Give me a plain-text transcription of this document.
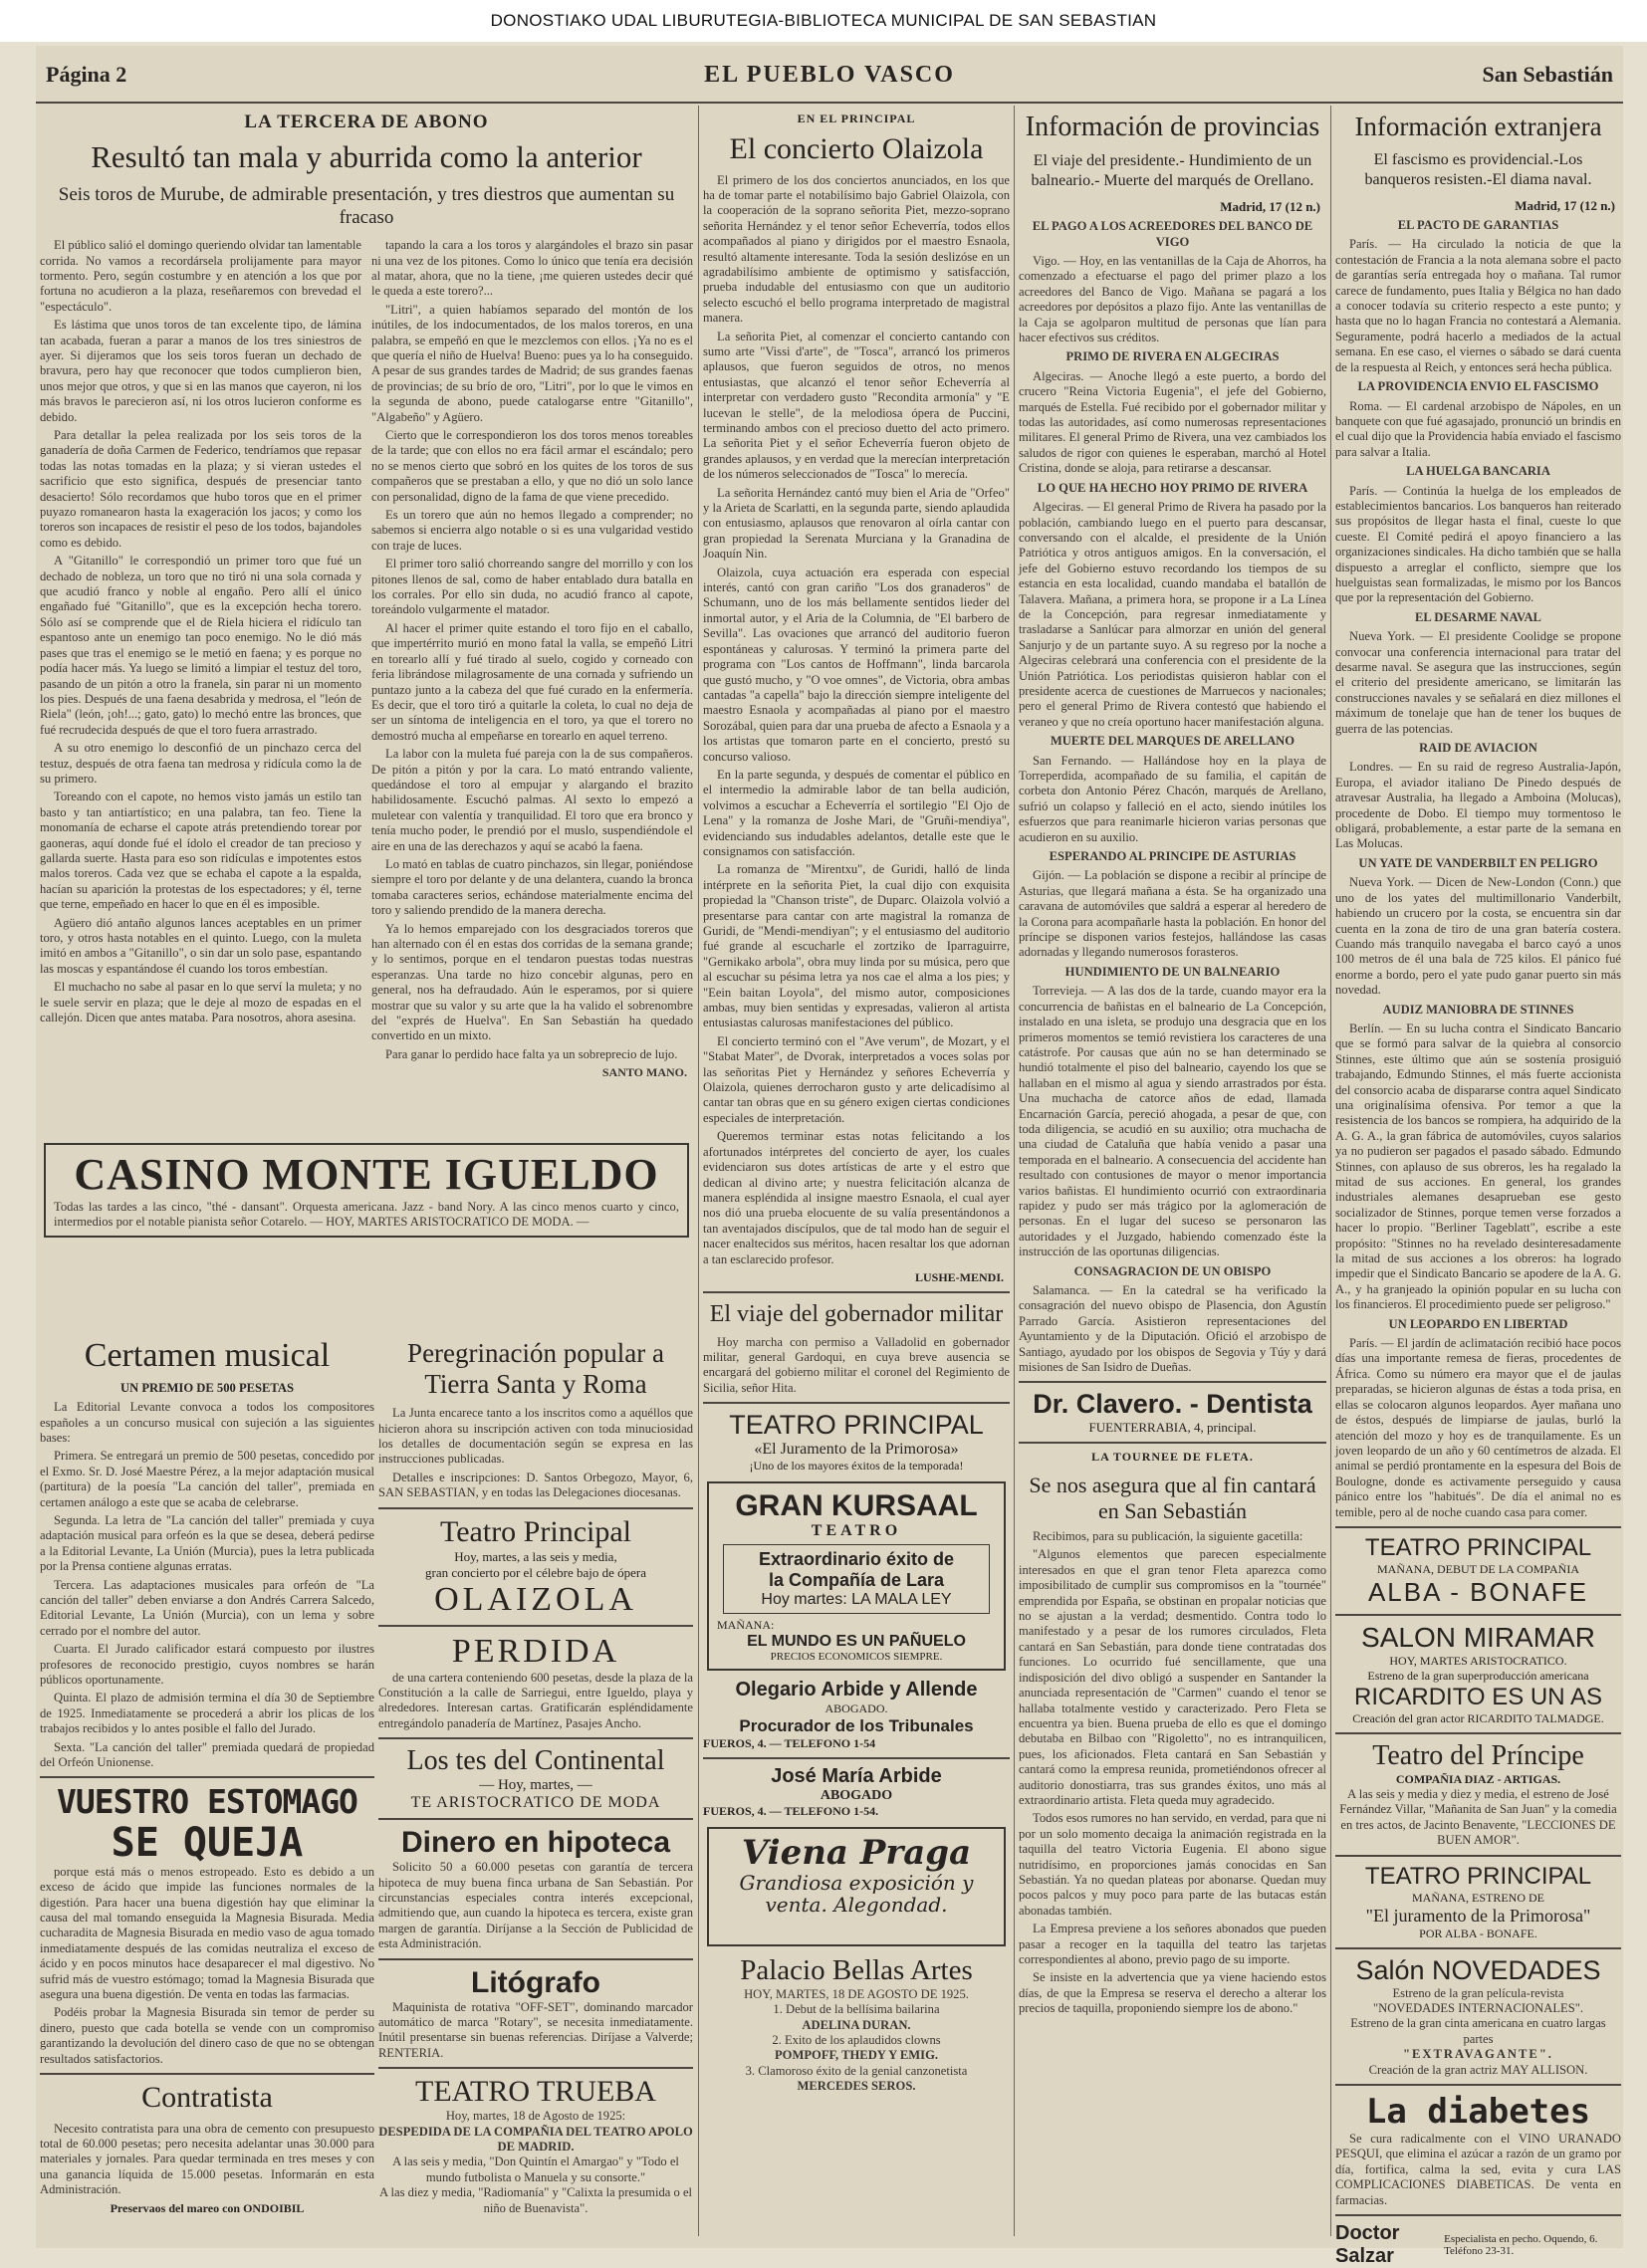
DONOSTIAKO UDAL LIBURUTEGIA-BIBLIOTECA MUNICIPAL DE SAN SEBASTIAN
Página 2	EL PUEBLO VASCO	San Sebastián
LA TERCERA DE ABONO
Resultó tan mala y aburrida como la anterior
Seis toros de Murube, de admirable presentación, y tres diestros que aumentan su fracaso

El público salió el domingo queriendo olvidar tan lamentable corrida. No vamos a recordársela prolijamente para mayor tormento. Pero, según costumbre y en atención a los que por fortuna no acudieron a la plaza, reseñaremos con brevedad el "espectáculo".

Es lástima que unos toros de tan excelente tipo, de lámina tan acabada, fueran a parar a manos de los tres siniestros de ayer. Si dijeramos que los seis toros fueran un dechado de bravura, pero hay que reconocer que todos cumplieron bien, unos mejor que otros, y que si en las manos que cayeron, ni los más bravos le parecieron así, ni los otros lucieron conforme es debido.

Para detallar la pelea realizada por los seis toros de la ganadería de doña Carmen de Federico, tendríamos que repasar todas las notas tomadas en la plaza; y si vieran ustedes el sacrificio que esto significa, después de presenciar tanto desacierto! Sólo recordamos que hubo toros que en el primer puyazo romanearon hasta la exageración los jacos; y como los toreros son incapaces de resistir el peso de los todos, bajandoles como es debido.

A "Gitanillo" le correspondió un primer toro que fué un dechado de nobleza, un toro que no tiró ni una sola cornada y que acudió franco y noble al engaño. Pero allí el único engañado fué "Gitanillo", que es la excepción hecha torero. Sólo así se comprende que el de Riela hiciera el ridículo tan espantoso ante un enemigo tan poco enemigo. No le dió más pases que tras el enemigo se le metió en faena; y es porque no podía hacer más. Ya luego se limitó a limpiar el testuz del toro, pasando de un pitón a otro la franela, sin parar ni un momento los pies. Después de una faena desabrida y medrosa, el "león de Riela" (león, ¡oh!...; gato, gato) lo mechó entre las bronces, que fué recrudecida después de que el toro fuera arrastrado.

A su otro enemigo lo desconfió de un pinchazo cerca del testuz, después de otra faena tan medrosa y ridícula como la de su primero.

Toreando con el capote, no hemos visto jamás un estilo tan basto y tan antiartístico; en una palabra, tan feo. Tiene la monomanía de echarse el capote atrás pretendiendo torear por gaoneras, aquí donde fué el ídolo el creador de tan precioso y gallarda suerte. Hasta para eso son ridículas e impotentes estos malos toreros. Cada vez que se echaba el capote a la espalda, hacían su aparición la protestas de los espectadores; y él, terne que terne, empeñado en hacer lo que en él es imposible.

Agüero dió antaño algunos lances aceptables en un primer toro, y otros hasta notables en el quinto. Luego, con la muleta imitó en ambos a "Gitanillo", o sin dar un solo pase, espantando las moscas y espantándose él cuando los toros embestían.

El muchacho no sabe al pasar en lo que serví la muleta; y no le suele servir en plaza; que le deje al mozo de espadas en el callejón. Dicen que antes mataba. Para nosotros, ahora asesina.

tapando la cara a los toros y alargándoles el brazo sin pasar ni una vez de los pitones. Como lo único que tenía era decisión al matar, ahora, que no la tiene, ¡me quieren ustedes decir qué le queda a este torero?...

"Litri", a quien habíamos separado del montón de los inútiles, de los indocumentados, de los malos toreros, en una palabra, se empeñó en que le mezclemos con ellos. ¡Ya no es el que quería el niño de Huelva! Bueno: pues ya lo ha conseguido. A pesar de sus grandes tardes de Madrid; de sus grandes faenas de provincias; de su brío de oro, "Litri", por lo que le vimos en la segunda de abono, puede catalogarse entre "Gitanillo", "Algabeño" y Agüero.

Cierto que le correspondieron los dos toros menos toreables de la tarde; que con ellos no era fácil armar el escándalo; pero no se menos cierto que sobró en los quites de los toros de sus compañeros que se prestaban a ello, y que no dió un solo lance con personalidad, digno de la fama de que viene precedido.

Es un torero que aún no hemos llegado a comprender; no sabemos si encierra algo notable o si es una vulgaridad vestido con traje de luces.

El primer toro salió chorreando sangre del morrillo y con los pitones llenos de sal, como de haber entablado dura batalla en los corrales. Por ello sin duda, no acudió franco al capote, toreándolo vulgarmente el matador.

Al hacer el primer quite estando el toro fijo en el caballo, que impertérrito murió en mono fatal la valla, se empeñó Litri en torearlo allí y fué tirado al suelo, cogido y corneado con feria librándose milagrosamente de una cornada y sufriendo un puntazo junto a la cabeza del que fué curado en la enfermería. Es decir, que el toro tiró a quitarle la coleta, lo cual no deja de ser un síntoma de inteligencia en el toro, ya que el torero no demostró mucha al empeñarse en torearlo en aquel terreno.

La labor con la muleta fué pareja con la de sus compañeros. De pitón a pitón y por la cara. Lo mató entrando valiente, quedándose el toro al empujar y alargando el brazito habilidosamente. Escuchó palmas. Al sexto lo empezó a muletear con valentía y tranquilidad. El toro que era bronco y tenía mucho poder, le prendió por el muslo, suspendiéndole el aire en una de las derechazos y aquí se acabó la faena.

Lo mató en tablas de cuatro pinchazos, sin llegar, poniéndose siempre el toro por delante y de una delantera, cuando la bronca tomaba caracteres serios, echándose materialmente encima del toro y saliendo prendido de la manera derecha.

Ya lo hemos emparejado con los desgraciados toreros que han alternado con él en estas dos corridas de la semana grande; y lo sentimos, porque en el tendaron puestas todas nuestras esperanzas. Una tarde no hizo concebir algunas, pero en general, nos ha defraudado. Aún le esperamos, por si quiere mostrar que su valor y su arte que la ha valido el sobrenombre del "exprés de Huelva". En San Sebastián ha quedado convertido en un mixto.

Para ganar lo perdido hace falta ya un sobreprecio de lujo.

SANTO MANO.
CASINO MONTE IGUELDO
Todas las tardes a las cinco, "thé - dansant". Orquesta americana. Jazz - band Nory. A las cinco menos cuarto y cinco, intermedios por el notable pianista señor Cotarelo. — HOY, MARTES ARISTOCRATICO DE MODA. —
Certamen musical
UN PREMIO DE 500 PESETAS

La Editorial Levante convoca a todos los compositores españoles a un concurso musical con sujeción a las siguientes bases:

Primera. Se entregará un premio de 500 pesetas, concedido por el Exmo. Sr. D. José Maestre Pérez, a la mejor adaptación musical (partitura) de la poesía "La canción del taller", premiada en certamen análogo a este que se acaba de celebrarse.

Segunda. La letra de "La canción del taller" premiada y cuya adaptación musical para orfeón es la que se desea, deberá pedirse a la Editorial Levante, La Unión (Murcia), pues la letra publicada por la Prensa contiene algunas erratas.

Tercera. Las adaptaciones musicales para orfeón de "La canción del taller" deben enviarse a don Andrés Carrera Salcedo, Editorial Levante, La Unión (Murcia), con un lema y sobre cerrado por el nombre del autor.

Cuarta. El Jurado calificador estará compuesto por ilustres profesores de reconocido prestigio, cuyos nombres se harán públicos oportunamente.

Quinta. El plazo de admisión termina el día 30 de Septiembre de 1925. Inmediatamente se procederá a abrir los plicas de los trabajos recibidos y lo antes posible el fallo del Jurado.

Sexta. "La canción del taller" premiada quedará de propiedad del Orfeón Unionense.

VUESTRO ESTOMAGO
SE QUEJA

porque está más o menos estropeado. Esto es debido a un exceso de ácido que impide las funciones normales de la digestión. Para hacer una buena digestión hay que eliminar la causa del mal tomando enseguida la Magnesia Bisurada. Media cucharadita de Magnesia Bisurada en medio vaso de agua tomado inmediatamente después de las comidas neutraliza el exceso de ácido y en pocos minutos hace desaparecer el mal digestivo. No sufrid más de vuestro estómago; tomad la Magnesia Bisurada que asegura una buena digestión. De venta en todas las farmacias.

Podéis probar la Magnesia Bisurada sin temor de perder su dinero, puesto que cada botella se vende con un compromiso garantizando la devolución del dinero caso de que no se obtengan resultados satisfactorios.

Contratista

Necesito contratista para una obra de cemento con presupuesto total de 60.000 pesetas; pero necesita adelantar unas 30.000 para materiales y jornales. Para quedar terminada en tres meses y con una ganancia líquida de 15.000 pesetas. Informarán en esta Administración.

Preservaos del mareo con ONDOIBIL
Peregrinación popular a Tierra Santa y Roma

La Junta encarece tanto a los inscritos como a aquéllos que hicieron ahora su inscripción activen con toda minuciosidad los detalles de documentación según se expresa en las instrucciones publicadas.

Detalles e inscripciones: D. Santos Orbegozo, Mayor, 6, SAN SEBASTIAN, y en todas las Delegaciones diocesanas.

Teatro Principal
Hoy, martes, a las seis y media,
gran concierto por el célebre bajo de ópera
OLAIZOLA
PERDIDA

de una cartera conteniendo 600 pesetas, desde la plaza de la Constitución a la calle de Sarriegui, entre Igueldo, playa y alrededores. Interesan cartas. Gratificarán espléndidamente entregándolo panadería de Martínez, Pasajes Ancho.

Los tes del Continental
— Hoy, martes, —
TE ARISTOCRATICO DE MODA
Dinero en hipoteca

Solicito 50 a 60.000 pesetas con garantía de tercera hipoteca de muy buena finca urbana de San Sebastián. Por circunstancias especiales contra interés excepcional, admitiendo que, aun cuando la hipoteca es tercera, existe gran margen de garantía. Diríjanse a la Sección de Publicidad de esta Administración.

Litógrafo

Maquinista de rotativa "OFF-SET", dominando marcador automático de marca "Rotary", se necesita inmediatamente. Inútil presentarse sin buenas referencias. Diríjase a Valverde; RENTERIA.

TEATRO TRUEBA
Hoy, martes, 18 de Agosto de 1925:
DESPEDIDA DE LA COMPAÑIA DEL TEATRO APOLO DE MADRID.
A las seis y media, "Don Quintín el Amargao" y "Todo el mundo futbolista o Manuela y su consorte."
A las diez y media, "Radiomanía" y "Calixta la presumida o el niño de Buenavista".
EN EL PRINCIPAL
El concierto Olaizola

El primero de los dos conciertos anunciados, en los que ha de tomar parte el notabilísimo bajo Gabriel Olaizola, con la cooperación de la soprano señorita Piet, mezzo-soprano señorita Hernández y el tenor señor Echeverría, todos ellos acompañados al piano y dirigidos por el maestro Esnaola, resultó altamente interesante. Toda la sesión deslizóse en un agradabilísimo ambiente de optimismo y satisfacción, prueba indudable del entusiasmo con que un auditorio selecto escuchó el bello programa interpretado de magistral manera.

La señorita Piet, al comenzar el concierto cantando con sumo arte "Vissi d'arte", de "Tosca", arrancó los primeros aplausos, que fueron seguidos de otros, no menos entusiastas, que alcanzó el tenor señor Echeverría al interpretar con verdadero gusto "Recondita armonía" y "E lucevan le stelle", de la melodiosa ópera de Puccini, terminando ambos con el precioso duetto del acto primero. La señorita Piet y el señor Echeverría fueron objeto de grandes aplausos, y en verdad que la merecían interpretación de los números seleccionados de "Tosca" lo merecía.

La señorita Hernández cantó muy bien el Aria de "Orfeo" y la Arieta de Scarlatti, en la segunda parte, siendo aplaudida con entusiasmo, aplausos que renovaron al oírla cantar con gran propiedad la Serenata Murciana y la Granadina de Joaquín Nin.

Olaizola, cuya actuación era esperada con especial interés, cantó con gran cariño "Los dos granaderos" de Schumann, uno de los más bellamente sentidos lieder del inmortal autor, y el Aria de la Columnia, de "El barbero de Sevilla". Las ovaciones que arrancó del auditorio fueron espontáneas y calurosas. Y terminó la primera parte del programa con "Los cantos de Hoffmann", linda barcarola que gustó mucho, y "O voe omnes", de Victoria, obra ambas cantadas "a capella" bajo la dirección siempre inteligente del maestro Esnaola y acompañadas al piano por el maestro Sorozábal, quien para dar una prueba de afecto a Esnaola y a los artistas que tomaron parte en el concierto, prestó su concurso valioso.

En la parte segunda, y después de comentar el público en el intermedio la admirable labor de tan bella audición, volvimos a escuchar a Echeverría el sortilegio "El Ojo de Lena" y la romanza de Joshe Mari, de "Gruñi-mendiya", evidenciando sus indudables adelantos, detalle este que le consignamos con satisfacción.

La romanza de "Mirentxu", de Guridi, halló de linda intérprete en la señorita Piet, la cual dijo con exquisita propiedad la "Chanson triste", de Duparc. Olaizola volvió a presentarse para cantar con arte magistral la romanza de Guridi, de "Mendi-mendiyan"; y el entusiasmo del auditorio fué grande al escucharle el zortziko de Iparraguirre, "Gernikako arbola", obra muy linda por su música, pero que al escuchar su pésima letra ya nos cae el alma a los pies; y "Eein baitan Loyola", del mismo autor, composiciones ambas, muy bien sentidas y expresadas, valieron al artista entusiastas calurosas manifestaciones del público.

El concierto terminó con el "Ave verum", de Mozart, y el "Stabat Mater", de Dvorak, interpretados a voces solas por las señoritas Piet y Hernández y señores Echeverría y Olaizola, quienes derrocharon gusto y arte delicadísimo al cantar tan obras que en su género exigen ciertas condiciones especiales de interpretación.

Queremos terminar estas notas felicitando a los afortunados intérpretes del concierto de ayer, los cuales evidenciaron sus dotes artísticas de arte y el estro que dedican al divino arte; y nuestra felicitación alcanza de manera espléndida al insigne maestro Esnaola, el cual ayer nos dió una prueba elocuente de su valía presentándonos a tan aventajados discípulos, que de tal modo han de seguir el nacer enaltecidos sus méritos, hacen resaltar los que adornan a tan esclarecido profesor.

LUSHE-MENDI.
El viaje del gobernador militar

Hoy marcha con permiso a Valladolid en gobernador militar, general Gardoqui, en cuya breve ausencia se encargará del gobierno militar el coronel del Regimiento de Sicilia, señor Hita.

TEATRO PRINCIPAL
«El Juramento de la Primorosa»
¡Uno de los mayores éxitos de la temporada!
GRAN KURSAAL
TEATRO
Extraordinario éxito de
la Compañía de Lara
Hoy martes: LA MALA LEY
MAÑANA:
EL MUNDO ES UN PAÑUELO
PRECIOS ECONOMICOS SIEMPRE.
Olegario Arbide y Allende
ABOGADO.
Procurador de los Tribunales
FUEROS, 4. — TELEFONO 1-54
José María Arbide
ABOGADO
FUEROS, 4. — TELEFONO 1-54.
Viena Praga
Grandiosa exposición y venta. Alegondad.
Palacio Bellas Artes
HOY, MARTES, 18 DE AGOSTO DE 1925.
1. Debut de la bellísima bailarina
ADELINA DURAN.
2. Exito de los aplaudidos clowns
POMPOFF, THEDY Y EMIG.
3. Clamoroso éxito de la genial canzonetista
MERCEDES SEROS.
Información de provincias
El viaje del presidente.- Hundimiento de un balneario.- Muerte del marqués de Orellano.
Madrid, 17 (12 n.)
EL PAGO A LOS ACREEDORES DEL BANCO DE VIGO

Vigo. — Hoy, en las ventanillas de la Caja de Ahorros, ha comenzado a efectuarse el pago del primer plazo a los acreedores del Banco de Vigo. Mañana se pagará a los acreedores por depósitos a plazo fijo. Ante las ventanillas de la Caja se agolparon multitud de personas que lían para hacer efectivos sus créditos.

PRIMO DE RIVERA EN ALGECIRAS

Algeciras. — Anoche llegó a este puerto, a bordo del crucero "Reina Victoria Eugenia", el jefe del Gobierno, marqués de Estella. Fué recibido por el gobernador militar y todas las autoridades, así como numerosas representaciones militares. El general Primo de Rivera, una vez cambiados los saludos de rigor con quienes le esperaban, marchó al Hotel Cristina, donde se aloja, para retirarse a descansar.

LO QUE HA HECHO HOY PRIMO DE RIVERA

Algeciras. — El general Primo de Rivera ha pasado por la población, cambiando luego en el puerto para descansar, conversando con el alcalde, el presidente de la Unión Patriótica y otros antiguos amigos. En la conversación, el jefe del Gobierno estuvo recordando los tiempos de su estancia en esta localidad, cuando mandaba el batallón de Talavera. Mañana, a primera hora, se propone ir a La Línea de la Concepción, para regresar inmediatamente y trasladarse a Sanlúcar para almorzar en unión del general Sanjurjo y de un partante suyo. A su regreso por la noche a Algeciras celebrará una conferencia con el presidente de la Unión Patriótica. Los periodistas quisieron hablar con el presidente acerca de cuestiones de Marruecos y nacionales; pero el general Primo de Rivera contestó que habiendo el veraneo y que no creía oportuno hacer manifestación alguna.

MUERTE DEL MARQUES DE ARELLANO

San Fernando. — Hallándose hoy en la playa de Torreperdida, acompañado de su familia, el capitán de corbeta don Antonio Pérez Chacón, marqués de Arellano, sufrió un colapso y falleció en el acto, siendo inútiles los esfuerzos que para reanimarle hicieron varias personas que acudieron en su auxilio.

ESPERANDO AL PRINCIPE DE ASTURIAS

Gijón. — La población se dispone a recibir al príncipe de Asturias, que llegará mañana a ésta. Se ha organizado una caravana de automóviles que saldrá a esperar al heredero de la Corona para acompañarle hasta la población. En honor del príncipe se disponen varios festejos, hallándose las casas adornadas y llegando numerosos forasteros.

HUNDIMIENTO DE UN BALNEARIO

Torrevieja. — A las dos de la tarde, cuando mayor era la concurrencia de bañistas en el balneario de La Concepción, instalado en una isleta, se produjo una desgracia que en los primeros momentos se temió revistiera los caracteres de una catástrofe. Por causas que aún no se han determinado se hundió totalmente el piso del balneario, cayendo los que se hallaban en el mismo al agua y siendo arrastrados por ésta. Una muchacha de catorce años de edad, llamada Encarnación García, pereció ahogada, a pesar de que, con toda diligencia, se acudió en su auxilio; otra muchacha de una ciudad de Cataluña que había venido a pasar una temporada en el balneario. A consecuencia del accidente han resultado con contusiones de mayor o menor importancia varios bañistas. El hundimiento ocurrió con extraordinaria rapidez y pudo ser más trágico por la aglomeración de personas. En el lugar del suceso se personaron las autoridades y el Juzgado, habiendo comenzado éste la instrucción de las oportunas diligencias.

CONSAGRACION DE UN OBISPO

Salamanca. — En la catedral se ha verificado la consagración del nuevo obispo de Plasencia, don Agustín Parrado García. Asistieron representaciones del Ayuntamiento y de la Diputación. Ofició el arzobispo de Santiago, ayudado por los obispos de Segovia y Túy y dará misiones de San Isidro de Dueñas.

Dr. Clavero. - Dentista
FUENTERRABIA, 4, principal.
LA TOURNEE DE FLETA.
Se nos asegura que al fin cantará en San Sebastián

Recibimos, para su publicación, la siguiente gacetilla:

"Algunos elementos que parecen especialmente interesados en que el gran tenor Fleta aparezca como imposibilitado de cumplir sus compromisos en la "tournée" emprendida por España, se obstinan en propalar noticias que no se ajustan a la verdad; desmentido. Contra todo lo manifestado y a pesar de los rumores circulados, Fleta cantará en San Sebastián, para donde tiene contratadas dos funciones. Lo ocurrido fué sencillamente, que una indisposición del divo obligó a suspender en Santander la anunciada representación de "Carmen" cuando el tenor se hallaba totalmente vestido y caracterizado. Pero Fleta se encuentra ya bien. Buena prueba de ello es que el domingo debutaba en Bilbao con "Rigoletto", no es intranquilicen, pues, los aficionados. Fleta cantará en San Sebastián y cantará como la empresa reunida, prometiéndonos ofrecer al auditorio donostiarra, tras sus grandes éxitos, uno más al extraordinario artista. Fleta queda muy agradecido.

Todos esos rumores no han servido, en verdad, para que ni por un solo momento decaiga la animación registrada en la taquilla del teatro Victoria Eugenia. El abono sigue nutridísimo, en proporciones jamás conocidas en San Sebastián. Ya no quedan plateas por abonarse. Quedan muy pocos palcos y muy poco para parte de las butacas están abonadas también.

La Empresa previene a los señores abonados que pueden pasar a recoger en la taquilla del teatro las tarjetas correspondientes al abono, previo pago de su importe.

Se insiste en la advertencia que ya viene haciendo estos días, de que la Empresa se reserva el derecho a alterar los precios de taquilla, proponiendo siempre los de abono."

Información extranjera
El fascismo es providencial.-Los banqueros resisten.-El diama naval.
Madrid, 17 (12 n.)
EL PACTO DE GARANTIAS

París. — Ha circulado la noticia de que la contestación de Francia a la nota alemana sobre el pacto de garantías sería entregada hoy o mañana. Tal rumor carece de fundamento, pues Italia y Bélgica no han dado a conocer todavía su criterio respecto a este punto; y hasta que no lo hagan Francia no contestará a Alemania. Seguramente, podrá hacerlo a mediados de la actual semana. En ese caso, el viernes o sábado se dará cuenta de la respuesta al Reich, y entonces será hecha pública.

LA PROVIDENCIA ENVIO EL FASCISMO

Roma. — El cardenal arzobispo de Nápoles, en un banquete con que fué agasajado, pronunció un brindis en el cual dijo que la Providencia había enviado el fascismo para salvar a Italia.

LA HUELGA BANCARIA

París. — Continúa la huelga de los empleados de establecimientos bancarios. Los banqueros han reiterado sus propósitos de llegar hasta el final, cueste lo que cueste. El Comité pedirá el apoyo financiero a las organizaciones sindicales. Ha dicho también que se halla dispuesto a arreglar el conflicto, siempre que los huelguistas sean formalizadas, le mismo por los Bancos que por la representación del Gobierno.

EL DESARME NAVAL

Nueva York. — El presidente Coolidge se propone convocar una conferencia internacional para tratar del desarme naval. Se asegura que las instrucciones, según el criterio del presidente americano, se limitarán las construcciones navales y se señalará en diez millones el máximum de tonelaje que han de tener los buques de guerra de las potencias.

RAID DE AVIACION

Londres. — En su raid de regreso Australia-Japón, Europa, el aviador italiano De Pinedo después de atravesar Australia, ha llegado a Amboina (Molucas), procedente de Dobo. El tiempo muy tormentoso le obligará, probablemente, a estar parte de la semana en Las Molucas.

UN YATE DE VANDERBILT EN PELIGRO

Nueva York. — Dicen de New-London (Conn.) que uno de los yates del multimillonario Vanderbilt, habiendo un crucero por la costa, se encuentra sin dar cuenta en la zona de tiro de una gran batería costera. Cuando más tranquilo navegaba el barco cayó a unos 100 metros de él una bala de 725 kilos. El pánico fué enorme a bordo, pero el yate pudo ganar puerto sin más novedad.

AUDIZ MANIOBRA DE STINNES

Berlín. — En su lucha contra el Sindicato Bancario que se formó para salvar de la quiebra al consorcio Stinnes, este último que aún se sostenía prosiguió trabajando, Edmundo Stinnes, el más fuerte accionista del consorcio acaba de dispararse contra aquel Sindicato una originalísima ofensiva. Por temor a que la resistencia de los bancos se rompiera, ha adquirido de la A. G. A., la gran fábrica de automóviles, cuyos salarios ya no pudieron ser pagados el pasado sábado. Edmundo Stinnes, con aplauso de sus obreros, les ha regalado la mitad de sus acciones. En general, los grandes industriales alemanes desaprueban ese gesto socializador de Stinnes, porque temen verse forzados a hacer lo propio. "Berliner Tageblatt", escribe a este propósito: "Stinnes no ha revelado desinteresadamente la mitad de sus acciones a los obreros: ha logrado impedir que el Sindicato Bancario se apodere de la A. G. A., y ha granjeado la opinión popular en su lucha con los financieros. El procedimiento puede ser peligroso."

UN LEOPARDO EN LIBERTAD

París. — El jardín de aclimatación recibió hace pocos días una importante remesa de fieras, procedentes de África. Como su número era mayor que el de jaulas preparadas, se hicieron algunas de éstas a toda prisa, en ellas se colocaron algunos leopardos. Ayer mañana uno de éstos, después de limpiarse de jaulas, burló la atención del mozo y hoy es de tranquilamente. Es un joven leopardo de un año y 60 centímetros de alzada. El animal se perdió prontamente en la espesura del Bois de Boulogne, donde es activamente perseguido y causa pánico entre los "habitués". De día el animal no es temible, pero al de noche cuando casa para comer.

TEATRO PRINCIPAL
MAÑANA, DEBUT DE LA COMPAÑIA
ALBA - BONAFE
SALON MIRAMAR
HOY, MARTES ARISTOCRATICO.
Estreno de la gran superproducción americana
RICARDITO ES UN AS
Creación del gran actor RICARDITO TALMADGE.
Teatro del Príncipe
COMPAÑIA DIAZ - ARTIGAS.
A las seis y media y diez y media, el estreno de José Fernández Villar, "Mañanita de San Juan" y la comedia en tres actos, de Jacinto Benavente, "LECCIONES DE BUEN AMOR".
TEATRO PRINCIPAL
MAÑANA, ESTRENO DE
"El juramento de la Primorosa"
POR ALBA - BONAFE.
Salón NOVEDADES
Estreno de la gran película-revista
"NOVEDADES INTERNACIONALES".
Estreno de la gran cinta americana en cuatro largas partes
"EXTRAVAGANTE".
Creación de la gran actriz MAY ALLISON.
La diabetes

Se cura radicalmente con el VINO URANADO PESQUI, que elimina el azúcar a razón de un gramo por día, fortifica, calma la sed, evita y cura LAS COMPLICACIONES DIABETICAS. De venta en farmacias.

Doctor Salzar
Especialista en pecho. Oquendo, 6. Teléfono 23-31.
